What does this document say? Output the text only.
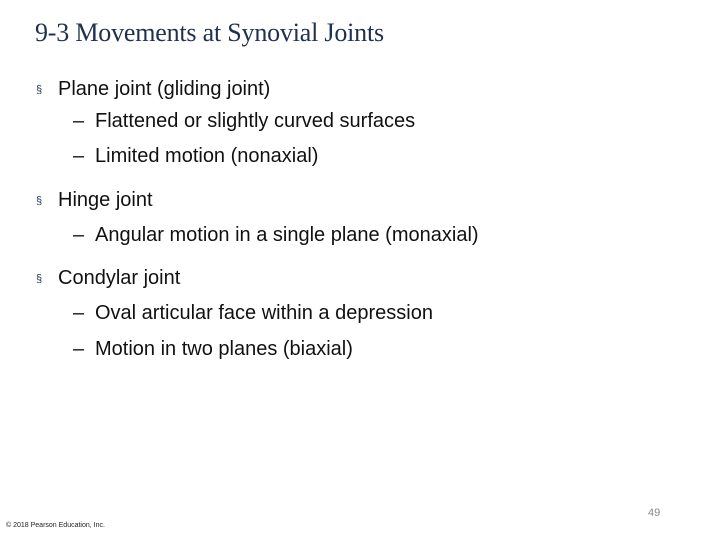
9-3 Movements at Synovial Joints
§ Plane joint (gliding joint)
– Flattened or slightly curved surfaces
– Limited motion (nonaxial)
§ Hinge joint
– Angular motion in a single plane (monaxial)
§ Condylar joint
– Oval articular face within a depression
– Motion in two planes (biaxial)
© 2018 Pearson Education, Inc.
49
